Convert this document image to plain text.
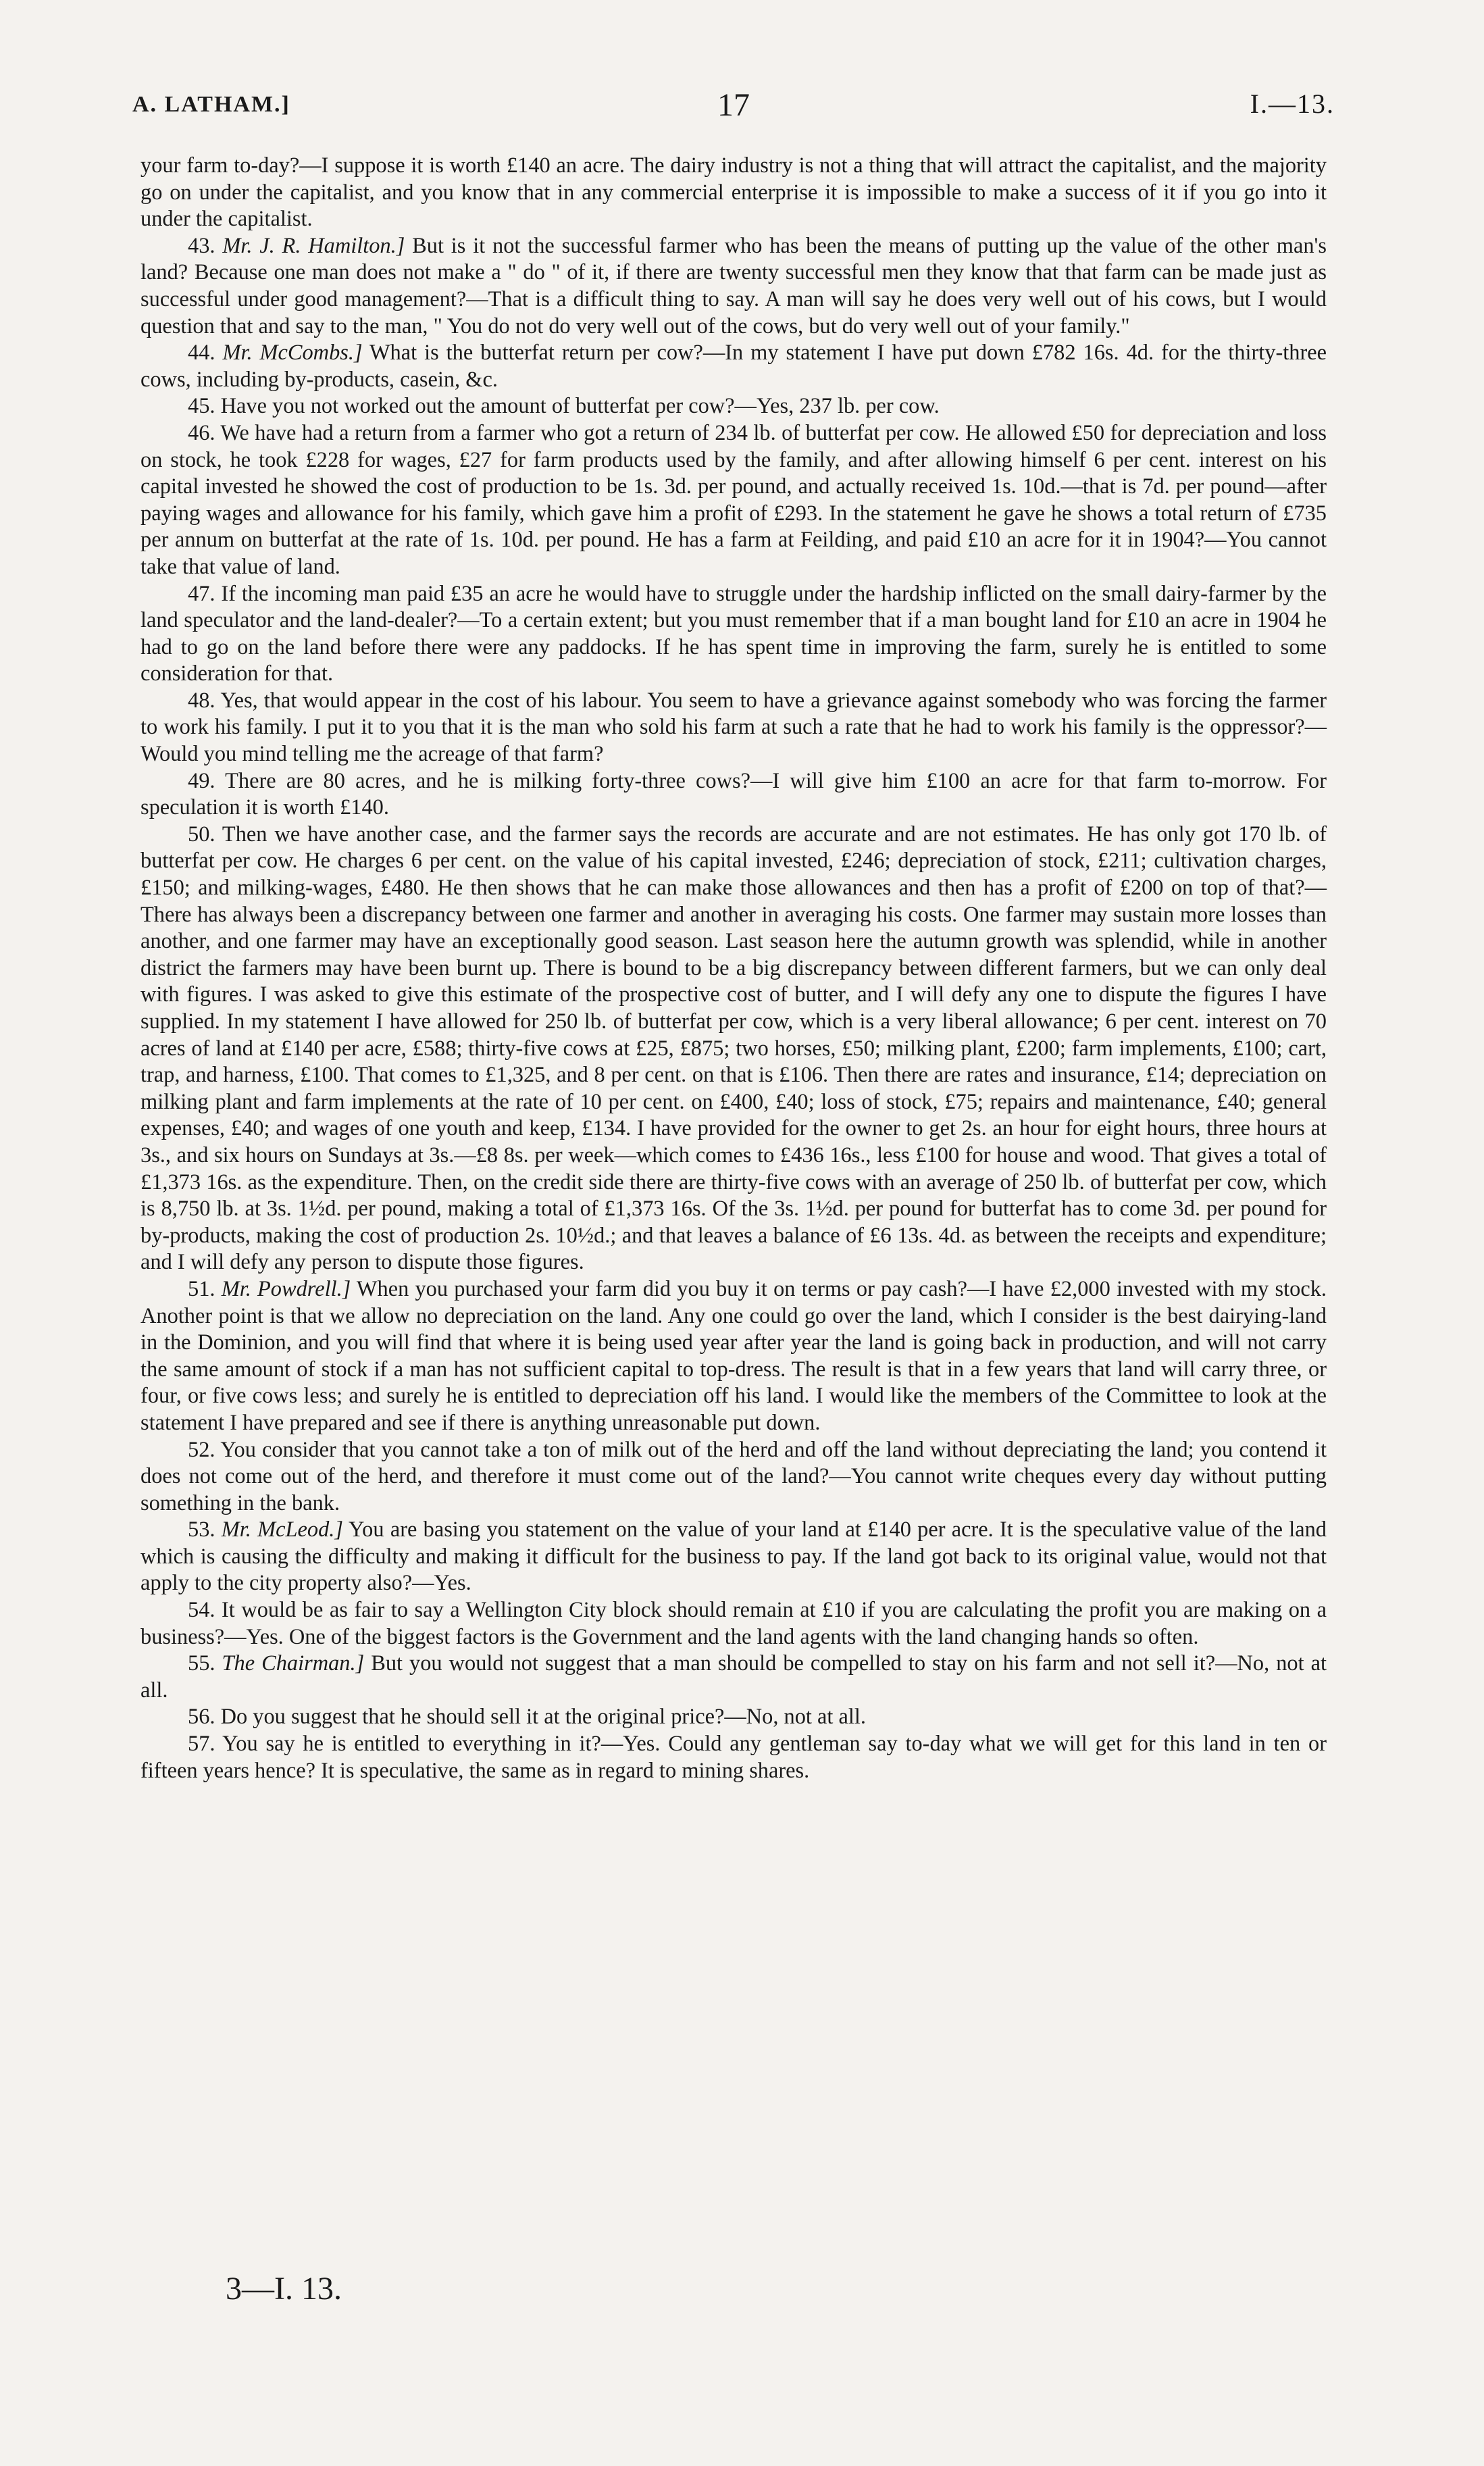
A. LATHAM.]	17	I.—13.

your farm to-day?—I suppose it is worth £140 an acre. The dairy industry is not a thing that will attract the capitalist, and the majority go on under the capitalist, and you know that in any commercial enterprise it is impossible to make a success of it if you go into it under the capitalist.

43. Mr. J. R. Hamilton.] But is it not the successful farmer who has been the means of putting up the value of the other man's land? Because one man does not make a " do " of it, if there are twenty successful men they know that that farm can be made just as successful under good management?—That is a difficult thing to say. A man will say he does very well out of his cows, but I would question that and say to the man, " You do not do very well out of the cows, but do very well out of your family."

44. Mr. McCombs.] What is the butterfat return per cow?—In my statement I have put down £782 16s. 4d. for the thirty-three cows, including by-products, casein, &c.

45. Have you not worked out the amount of butterfat per cow?—Yes, 237 lb. per cow.

46. We have had a return from a farmer who got a return of 234 lb. of butterfat per cow. He allowed £50 for depreciation and loss on stock, he took £228 for wages, £27 for farm products used by the family, and after allowing himself 6 per cent. interest on his capital invested he showed the cost of production to be 1s. 3d. per pound, and actually received 1s. 10d.—that is 7d. per pound—after paying wages and allowance for his family, which gave him a profit of £293. In the statement he gave he shows a total return of £735 per annum on butterfat at the rate of 1s. 10d. per pound. He has a farm at Feilding, and paid £10 an acre for it in 1904?—You cannot take that value of land.

47. If the incoming man paid £35 an acre he would have to struggle under the hardship inflicted on the small dairy-farmer by the land speculator and the land-dealer?—To a certain extent; but you must remember that if a man bought land for £10 an acre in 1904 he had to go on the land before there were any paddocks. If he has spent time in improving the farm, surely he is entitled to some consideration for that.

48. Yes, that would appear in the cost of his labour. You seem to have a grievance against somebody who was forcing the farmer to work his family. I put it to you that it is the man who sold his farm at such a rate that he had to work his family is the oppressor?—Would you mind telling me the acreage of that farm?

49. There are 80 acres, and he is milking forty-three cows?—I will give him £100 an acre for that farm to-morrow. For speculation it is worth £140.

50. Then we have another case, and the farmer says the records are accurate and are not estimates. He has only got 170 lb. of butterfat per cow. He charges 6 per cent. on the value of his capital invested, £246; depreciation of stock, £211; cultivation charges, £150; and milking-wages, £480. He then shows that he can make those allowances and then has a profit of £200 on top of that?—There has always been a discrepancy between one farmer and another in averaging his costs. One farmer may sustain more losses than another, and one farmer may have an exceptionally good season. Last season here the autumn growth was splendid, while in another district the farmers may have been burnt up. There is bound to be a big discrepancy between different farmers, but we can only deal with figures. I was asked to give this estimate of the prospective cost of butter, and I will defy any one to dispute the figures I have supplied. In my statement I have allowed for 250 lb. of butterfat per cow, which is a very liberal allowance; 6 per cent. interest on 70 acres of land at £140 per acre, £588; thirty-five cows at £25, £875; two horses, £50; milking plant, £200; farm implements, £100; cart, trap, and harness, £100. That comes to £1,325, and 8 per cent. on that is £106. Then there are rates and insurance, £14; depreciation on milking plant and farm implements at the rate of 10 per cent. on £400, £40; loss of stock, £75; repairs and maintenance, £40; general expenses, £40; and wages of one youth and keep, £134. I have provided for the owner to get 2s. an hour for eight hours, three hours at 3s., and six hours on Sundays at 3s.—£8 8s. per week—which comes to £436 16s., less £100 for house and wood. That gives a total of £1,373 16s. as the expenditure. Then, on the credit side there are thirty-five cows with an average of 250 lb. of butterfat per cow, which is 8,750 lb. at 3s. 1½d. per pound, making a total of £1,373 16s. Of the 3s. 1½d. per pound for butterfat has to come 3d. per pound for by-products, making the cost of production 2s. 10½d.; and that leaves a balance of £6 13s. 4d. as between the receipts and expenditure; and I will defy any person to dispute those figures.

51. Mr. Powdrell.] When you purchased your farm did you buy it on terms or pay cash?—I have £2,000 invested with my stock. Another point is that we allow no depreciation on the land. Any one could go over the land, which I consider is the best dairying-land in the Dominion, and you will find that where it is being used year after year the land is going back in production, and will not carry the same amount of stock if a man has not sufficient capital to top-dress. The result is that in a few years that land will carry three, or four, or five cows less; and surely he is entitled to depreciation off his land. I would like the members of the Committee to look at the statement I have prepared and see if there is anything unreasonable put down.

52. You consider that you cannot take a ton of milk out of the herd and off the land without depreciating the land; you contend it does not come out of the herd, and therefore it must come out of the land?—You cannot write cheques every day without putting something in the bank.

53. Mr. McLeod.] You are basing you statement on the value of your land at £140 per acre. It is the speculative value of the land which is causing the difficulty and making it difficult for the business to pay. If the land got back to its original value, would not that apply to the city property also?—Yes.

54. It would be as fair to say a Wellington City block should remain at £10 if you are calculating the profit you are making on a business?—Yes. One of the biggest factors is the Government and the land agents with the land changing hands so often.

55. The Chairman.] But you would not suggest that a man should be compelled to stay on his farm and not sell it?—No, not at all.

56. Do you suggest that he should sell it at the original price?—No, not at all.

57. You say he is entitled to everything in it?—Yes. Could any gentleman say to-day what we will get for this land in ten or fifteen years hence? It is speculative, the same as in regard to mining shares.

3—I. 13.
